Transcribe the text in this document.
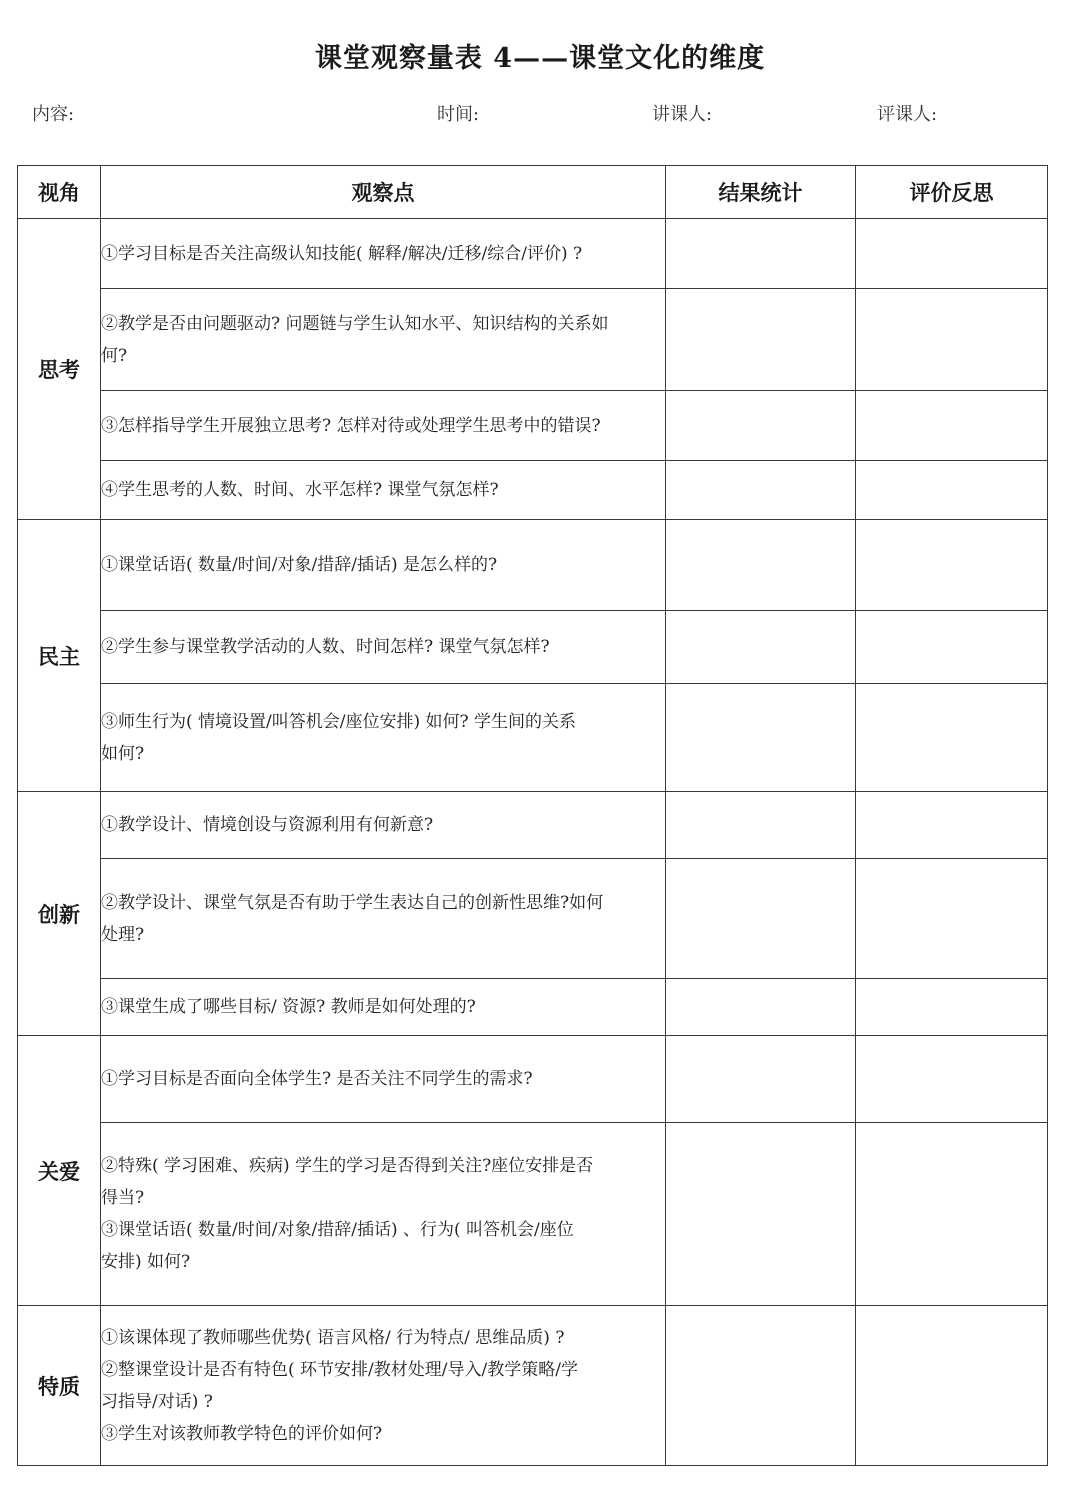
课堂观察量表 4——课堂文化的维度
内容:	时间:	讲课人:	评课人:
视角	观察点	结果统计	评价反思
思考	①学习目标是否关注高级认知技能( 解释/解决/迁移/综合/评价) ?		

	②教学是否由问题驱动? 问题链与学生认知水平、知识结构的关系如
何?		

	③怎样指导学生开展独立思考? 怎样对待或处理学生思考中的错误?		

	④学生思考的人数、时间、水平怎样? 课堂气氛怎样?		

民主	①课堂话语( 数量/时间/对象/措辞/插话) 是怎么样的?		

	②学生参与课堂教学活动的人数、时间怎样? 课堂气氛怎样?		

	③师生行为( 情境设置/叫答机会/座位安排) 如何? 学生间的关系
如何?		

创新	①教学设计、情境创设与资源利用有何新意?		

	②教学设计、课堂气氛是否有助于学生表达自己的创新性思维?如何
处理?		

	③课堂生成了哪些目标/ 资源? 教师是如何处理的?		

关爱	①学习目标是否面向全体学生? 是否关注不同学生的需求?		

	②特殊( 学习困难、疾病) 学生的学习是否得到关注?座位安排是否
得当?
③课堂话语( 数量/时间/对象/措辞/插话) 、行为( 叫答机会/座位
安排) 如何?		

特质	①该课体现了教师哪些优势( 语言风格/ 行为特点/ 思维品质) ?
②整课堂设计是否有特色( 环节安排/教材处理/导入/教学策略/学
习指导/对话) ?
③学生对该教师教学特色的评价如何?		
